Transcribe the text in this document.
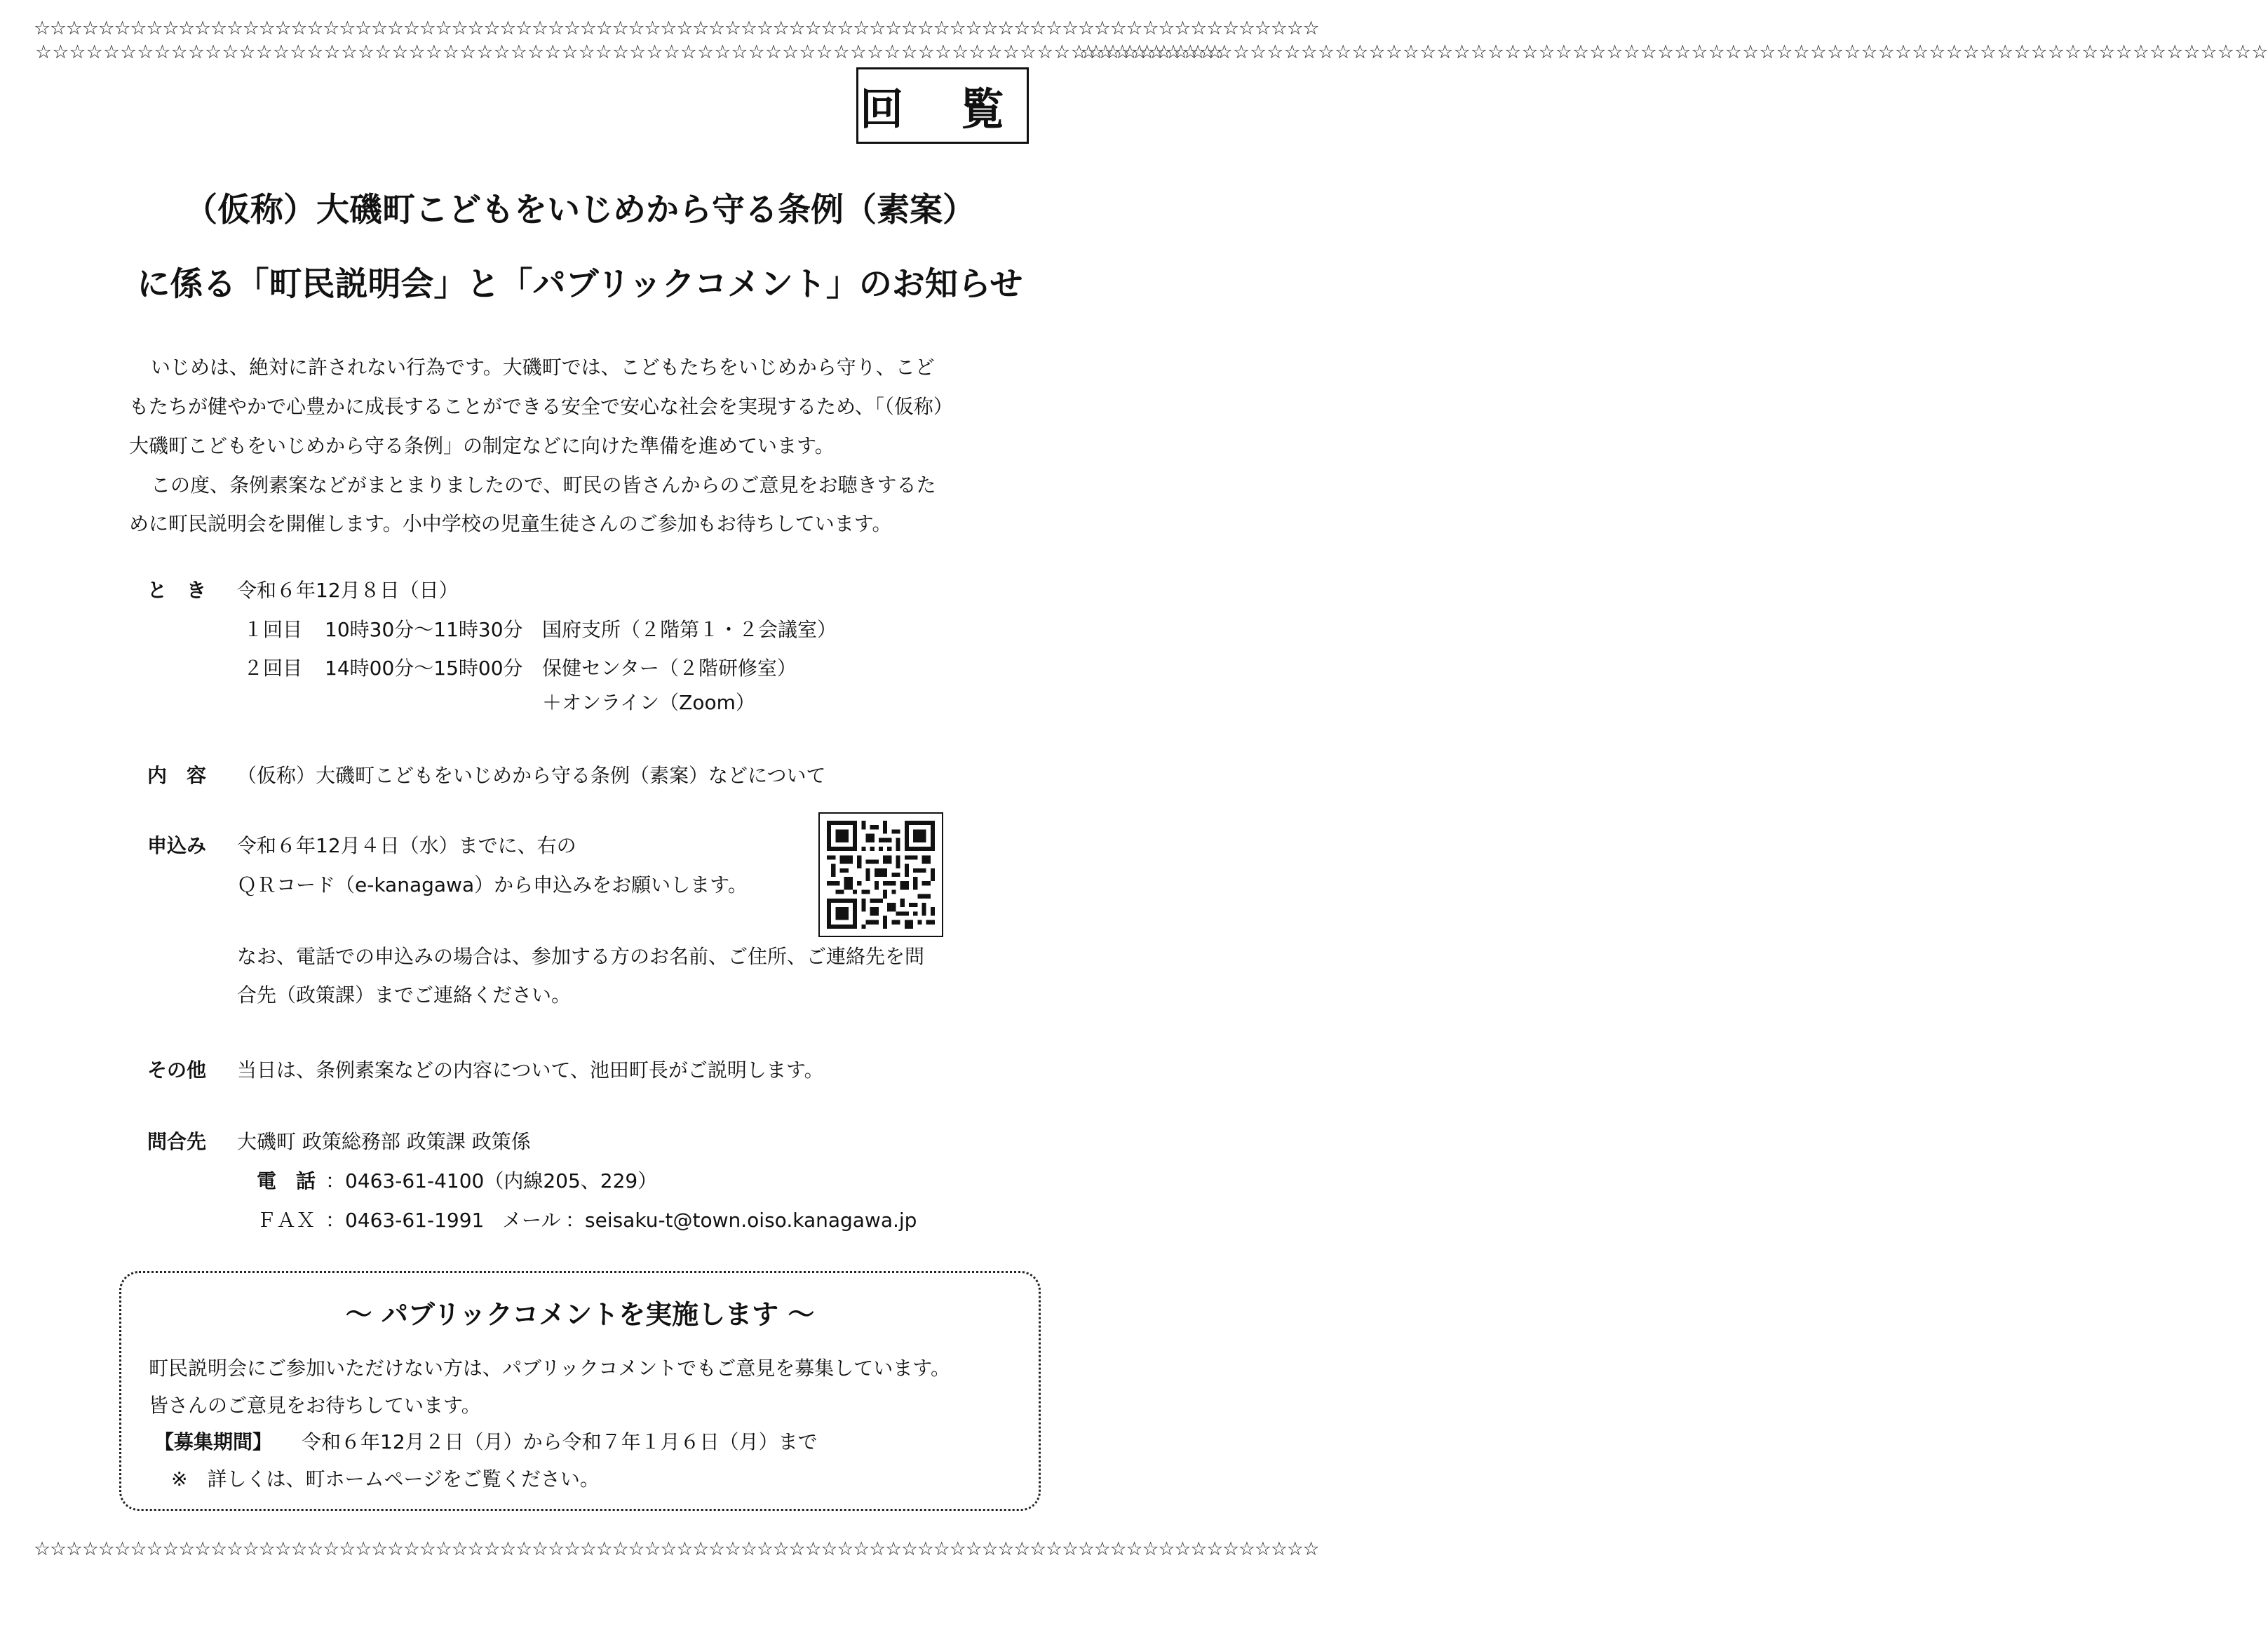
☆☆☆☆☆☆☆☆☆☆☆☆☆☆☆☆☆☆☆☆☆☆☆☆☆☆☆☆☆☆☆☆☆☆☆☆☆☆☆☆☆☆☆☆☆☆☆☆☆☆☆☆☆☆☆☆☆☆☆☆☆☆☆☆☆☆☆☆☆☆☆☆☆☆☆☆☆☆☆☆
☆☆☆☆☆☆☆☆☆☆☆☆☆☆☆☆☆☆☆☆☆☆☆☆☆☆☆☆☆☆☆☆☆☆☆☆☆☆☆☆☆☆☆☆☆☆☆☆☆☆☆☆☆☆☆☆☆☆☆☆☆☆☆☆☆☆☆☆☆☆☆☆☆☆☆☆☆☆☆☆
☆☆☆☆☆☆☆☆☆☆☆☆☆☆☆☆☆☆☆☆☆☆☆☆☆☆☆☆☆☆☆☆☆☆☆☆☆☆☆☆☆☆☆☆☆☆☆☆☆☆☆☆☆☆☆☆☆☆☆☆☆☆☆☆☆☆☆☆☆☆
☆☆☆☆☆☆☆☆☆☆☆☆☆☆☆☆☆☆☆☆☆☆☆☆☆☆☆☆☆☆☆☆☆☆☆☆☆☆☆☆☆☆☆☆☆☆☆☆☆☆☆☆☆☆☆☆☆☆☆☆☆☆☆☆☆☆☆☆☆☆
回 覧
（仮称）大磯町こどもをいじめから守る条例（素案）
に係る「町民説明会」と「パブリックコメント」のお知らせ
いじめは、絶対に許されない行為です。大磯町では、こどもたちをいじめから守り、こど
もたちが健やかで心豊かに成長することができる安全で安心な社会を実現するため、「（仮称）
大磯町こどもをいじめから守る条例」の制定などに向けた準備を進めています。
この度、条例素案などがまとまりましたので、町民の皆さんからのご意見をお聴きするた
めに町民説明会を開催します。小中学校の児童生徒さんのご参加もお待ちしています。
と　き 令和６年12月８日（日）
１回目 10時30分～11時30分 国府支所（２階第１・２会議室）
２回目 14時00分～15時00分 保健センター（２階研修室）
＋オンライン（Zoom）
内　容 （仮称）大磯町こどもをいじめから守る条例（素案）などについて
申込み 令和６年12月４日（水）までに、右の
ＱＲコード（e-kanagawa）から申込みをお願いします。
なお、電話での申込みの場合は、参加する方のお名前、ご住所、ご連絡先を問
合先（政策課）までご連絡ください。
その他 当日は、条例素案などの内容について、池田町長がご説明します。
問合先 大磯町 政策総務部 政策課 政策係
電　話 ：0463-61-4100（内線205、229）
ＦＡＸ ：0463-61-1991 メール ：seisaku-t@town.oiso.kanagawa.jp
～ パブリックコメントを実施します ～
町民説明会にご参加いただけない方は、パブリックコメントでもご意見を募集しています。
皆さんのご意見をお待ちしています。
【募集期間】 令和６年12月２日（月）から令和７年１月６日（月）まで
※　詳しくは、町ホームページをご覧ください。
